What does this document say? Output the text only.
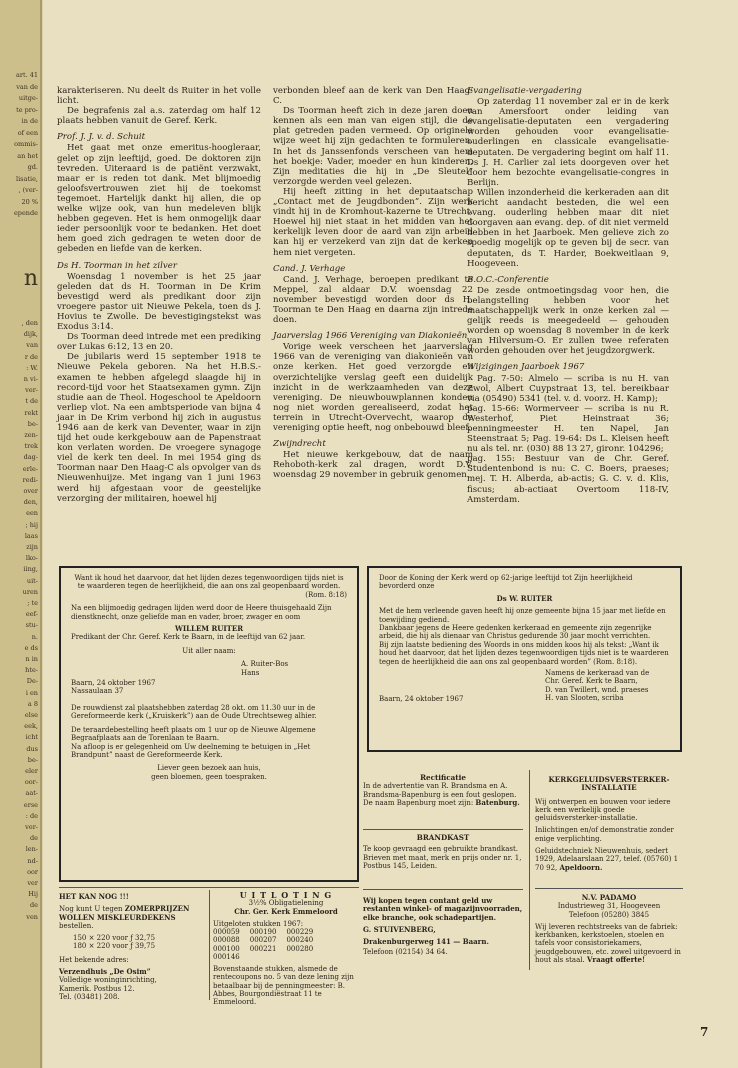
art. 41
van de
uitge-
te pro-
in de
of een
ommis-
an het
gd.
lisatie,
, (ver-
20 %
epende
n
, den
dijk,
van
r de
: W.
n vi-
ver-
t de
rekt
be-
zen-
trek
dag-
erle-
redi-
over
den,
een
; hij
laas
zijn
lko-
iing,
uit-
uren
; te
eef-
stu-
n.
e ds
n in
hte-
De-
i en
a 8
else
eek,
icht
dus
be-
eler
oor-
aat-
erse
: de
ver-
de
len-
nd-
oor
ver
Hij
de
ven

karakteriseren. Nu deelt ds Ruiter in het volle licht.

De begrafenis zal a.s. zaterdag om half 12 plaats hebben vanuit de Geref. Kerk.

Prof. J. J. v. d. Schuit

Het gaat met onze emeritus-hoogleraar, gelet op zijn leeftijd, goed. De doktoren zijn tevreden. Uiteraard is de patiënt verzwakt, maar er is reden tot dank. Met blijmoedig geloofsvertrouwen ziet hij de toekomst tegemoet. Hartelijk dankt hij allen, die op welke wijze ook, van hun medeleven blijk hebben gegeven. Het is hem onmogelijk daar ieder persoonlijk voor te bedanken. Het doet hem goed zich gedragen te weten door de gebeden en liefde van de kerken.

Ds H. Toorman in het zilver

Woensdag 1 november is het 25 jaar geleden dat ds H. Toorman in De Krim bevestigd werd als predikant door zijn vroegere pastor uit Nieuwe Pekela, toen ds J. Hovius te Zwolle. De bevestigingstekst was Exodus 3:14.

Ds Toorman deed intrede met een prediking over Lukas 6:12, 13 en 20.

De jubilaris werd 15 september 1918 te Nieuwe Pekela geboren. Na het H.B.S.-examen te hebben afgelegd slaagde hij in record-tijd voor het Staatsexamen gymn. Zijn studie aan de Theol. Hogeschool te Apeldoorn verliep vlot. Na een ambtsperiode van bijna 4 jaar in De Krim verbond hij zich in augustus 1946 aan de kerk van Deventer, waar in zijn tijd het oude kerkgebouw aan de Papenstraat kon verlaten worden. De vroegere synagoge viel de kerk ten deel. In mei 1954 ging ds Toorman naar Den Haag-C als opvolger van ds Nieuwenhuijze. Met ingang van 1 juni 1963 werd hij afgestaan voor de geestelijke verzorging der militairen, hoewel hij

verbonden bleef aan de kerk van Den Haag-C.

Ds Toorman heeft zich in deze jaren doen kennen als een man van eigen stijl, die de plat getreden paden vermeed. Op originele wijze weet hij zijn gedachten te formuleren. In het ds Janssenfonds verscheen van hem het boekje: Vader, moeder en hun kinderen. Zijn meditaties die hij in „De Sleutel” verzorgde werden veel gelezen.

Hij heeft zitting in het deputaatschap „Contact met de Jeugdbonden”. Zijn werk vindt hij in de Kromhout-kazerne te Utrecht. Hoewel hij niet staat in het midden van het kerkelijk leven door de aard van zijn arbeid kan hij er verzekerd van zijn dat de kerken hem niet vergeten.

Cand. J. Verhage

Cand. J. Verhage, beroepen predikant te Meppel, zal aldaar D.V. woensdag 22 november bevestigd worden door ds H. Toorman te Den Haag en daarna zijn intrede doen.

Jaarverslag 1966 Vereniging van Diakonieën

Vorige week verscheen het jaarverslag 1966 van de vereniging van diakonieën van onze kerken. Het goed verzorgde en overzichtelijke verslag geeft een duidelijk inzicht in de werkzaamheden van deze vereniging. De nieuwbouwplannen konden nog niet worden gerealiseerd, zodat het terrein in Utrecht-Overvecht, waarop de vereniging optie heeft, nog onbebouwd bleef.

Zwijndrecht

Het nieuwe kerkgebouw, dat de naam Rehoboth-kerk zal dragen, wordt D.V. woensdag 29 november in gebruik genomen.

Evangelisatie-vergadering

Op zaterdag 11 november zal er in de kerk van Amersfoort onder leiding van evangelisatie-deputaten een vergadering worden gehouden voor evangelisatie-ouderlingen en classicale evangelisatie-deputaten. De vergadering begint om half 11. Ds J. H. Carlier zal iets doorgeven over het door hem bezochte evangelisatie-congres in Berlijn.

Willen inzonderheid die kerkeraden aan dit bericht aandacht besteden, die wel een evang. ouderling hebben maar dit niet doorgaven aan evang. dep. of dit niet vermeld hebben in het Jaarboek. Men gelieve zich zo spoedig mogelijk op te geven bij de secr. van deputaten, ds T. Harder, Boekweitlaan 9, Hoogeveen.

B.O.C.-Conferentie

De zesde ontmoetingsdag voor hen, die belangstelling hebben voor het maatschappelijk werk in onze kerken zal — gelijk reeds is meegedeeld — gehouden worden op woensdag 8 november in de kerk van Hilversum-O. Er zullen twee referaten worden gehouden over het jeugdzorgwerk.

Wijzigingen Jaarboek 1967

Pag. 7-50: Almelo — scriba is nu H. van Zwol, Albert Cuypstraat 13, tel. bereikbaar via (05490) 5341 (tel. v. d. voorz. H. Kamp);

pag. 15-66: Wormerveer — scriba is nu R. Westerhof, Piet Heinstraat 36; penningmeester H. ten Napel, Jan Steenstraat 5; Pag. 19-64: Ds L. Kleisen heeft nu als tel. nr. (030) 88 13 27, gironr. 104296;

pag. 155: Bestuur van de Chr. Geref. Studentenbond is nu: C. C. Boers, praeses; mej. T. H. Alberda, ab-actis; G. C. v. d. Klis, fiscus; ab-actiaat Overtoom 118-IV, Amsterdam.

Want ik houd het daarvoor, dat het lijden dezes tegenwoordigen tijds niet is te waarderen tegen de heerlijkheid, die aan ons zal geopenbaard worden.

(Rom. 8:18)

Na een blijmoedig gedragen lijden werd door de Heere thuisgehaald Zijn dienstknecht, onze geliefde man en vader, broer, zwager en oom

WILLEM RUITER

Predikant der Chr. Geref. Kerk te Baarn, in de leeftijd van 62 jaar.

Uit aller naam:

A. Ruiter-Bos

Hans

Baarn, 24 oktober 1967

Nassaulaan 37

De rouwdienst zal plaatshebben zaterdag 28 okt. om 11.30 uur in de Gereformeerde kerk („Kruiskerk”) aan de Oude Utrechtseweg alhier.

De teraardebestelling heeft plaats om 1 uur op de Nieuwe Algemene Begraafplaats aan de Torenlaan te Baarn.

Na afloop is er gelegenheid om Uw deelneming te betuigen in „Het Brandpunt” naast de Gereformeerde Kerk.

Liever geen bezoek aan huis,

geen bloemen, geen toespraken.

Door de Koning der Kerk werd op 62-jarige leeftijd tot Zijn heerlijkheid bevorderd onze

Ds W. RUITER

Met de hem verleende gaven heeft hij onze gemeente bijna 15 jaar met liefde en toewijding gediend.

Dankbaar jegens de Heere gedenken kerkeraad en gemeente zijn zegenrijke arbeid, die hij als dienaar van Christus gedurende 30 jaar mocht verrichten.

Bij zijn laatste bediening des Woords in ons midden koos hij als tekst: „Want ik houd het daarvoor, dat het lijden dezes tegenwoordigen tijds niet is te waarderen tegen de heerlijkheid die aan ons zal geopenbaard worden” (Rom. 8:18).

Namens de kerkeraad van de

Chr. Geref. Kerk te Baarn,

D. van Twillert, wnd. praeses

H. van Slooten, scriba

Baarn, 24 oktober 1967

Rectificatie

In de advertentie van R. Brandsma en A. Brandsma-Bapenburg is een fout geslopen. De naam Bapenburg moet zijn: Batenburg.

BRANDKAST

Te koop gevraagd een gebruikte brandkast.

Brieven met maat, merk en prijs onder nr. 1, Postbus 145, Leiden.

Wij kopen tegen contant geld uw restanten winkel- of magazijnvoorraden, elke branche, ook schadepartijen.

G. STUIVENBERG,

Drakenburgerweg 141 — Baarn.

Telefoon (02154) 34 64.

KERKGELUIDSVERSTERKER-

INSTALLATIE

Wij ontwerpen en bouwen voor iedere kerk een werkelijk goede geluidsversterker-installatie.

Inlichtingen en/of demonstratie zonder enige verplichting.

Geluidstechniek Nieuwenhuis, sedert 1929, Adelaarslaan 227, telef. (05760) 1 70 92, Apeldoorn.

N.V. PADAMO

Industrieweg 31, Hoogeveen

Telefoon (05280) 3845

Wij leveren rechtstreeks van de fabriek: kerkbanken, kerkstoelen, stoelen en tafels voor consistoriekamers, jeugdgebouwen, etc. zowel uitgevoerd in hout als staal. Vraagt offerte!

HET KAN NOG !!!

Nog kunt U tegen ZOMERPRIJZEN WOLLEN MISKLEURDEKENS bestellen.

150 × 220 voor ƒ 32,75

180 × 220 voor ƒ 39,75

Het bekende adres:

Verzendhuis „De Osim”

Volledige woninginrichting,

Kamerik. Postbus 12.

Tel. (03481) 208.

U I T L O T I N G

3½% Obligatielening

Chr. Ger. Kerk Emmeloord

Uitgeloten stukken 1967:

000059	000190	000229
000088	000207	000240
000100	000221	000280
000146		

Bovenstaande stukken, alsmede de rentecoupons no. 5 van deze lening zijn betaalbaar bij de penningmeester: B. Abbes, Bourgondiëstraat 11 te Emmeloord.

7
